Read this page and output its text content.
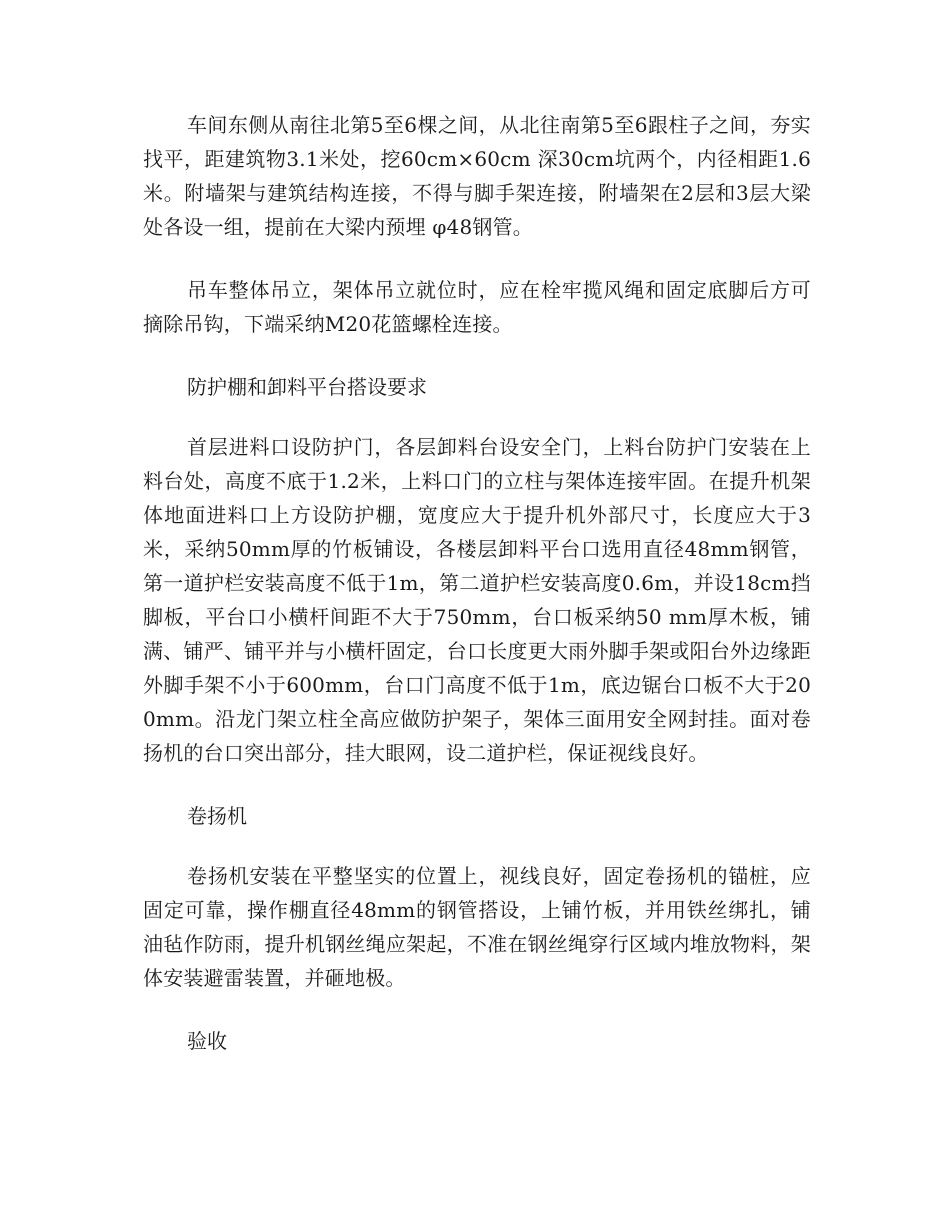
车间东侧从南往北第5至6棵之间，从北往南第5至6跟柱子之间，夯实找平，距建筑物3.1米处，挖60cm×60cm 深30cm坑两个，内径相距1.6米。附墙架与建筑结构连接，不得与脚手架连接，附墙架在2层和3层大梁处各设一组，提前在大梁内预埋 φ48钢管。

吊车整体吊立，架体吊立就位时，应在栓牢揽风绳和固定底脚后方可摘除吊钩，下端采纳M20花篮螺栓连接。

防护棚和卸料平台搭设要求

首层进料口设防护门，各层卸料台设安全门，上料台防护门安装在上料台处，高度不底于1.2米，上料口门的立柱与架体连接牢固。在提升机架体地面进料口上方设防护棚，宽度应大于提升机外部尺寸，长度应大于3米，采纳50mm厚的竹板铺设，各楼层卸料平台口选用直径48mm钢管，第一道护栏安装高度不低于1m，第二道护栏安装高度0.6m，并设18cm挡脚板，平台口小横杆间距不大于750mm，台口板采纳50 mm厚木板，铺满、铺严、铺平并与小横杆固定，台口长度更大雨外脚手架或阳台外边缘距外脚手架不小于600mm，台口门高度不低于1m，底边锯台口板不大于200mm。沿龙门架立柱全高应做防护架子，架体三面用安全网封挂。面对卷扬机的台口突出部分，挂大眼网，设二道护栏，保证视线良好。

卷扬机

卷扬机安装在平整坚实的位置上，视线良好，固定卷扬机的锚桩，应固定可靠，操作棚直径48mm的钢管搭设，上铺竹板，并用铁丝绑扎，铺油毡作防雨，提升机钢丝绳应架起，不准在钢丝绳穿行区域内堆放物料，架体安装避雷装置，并砸地极。

验收
